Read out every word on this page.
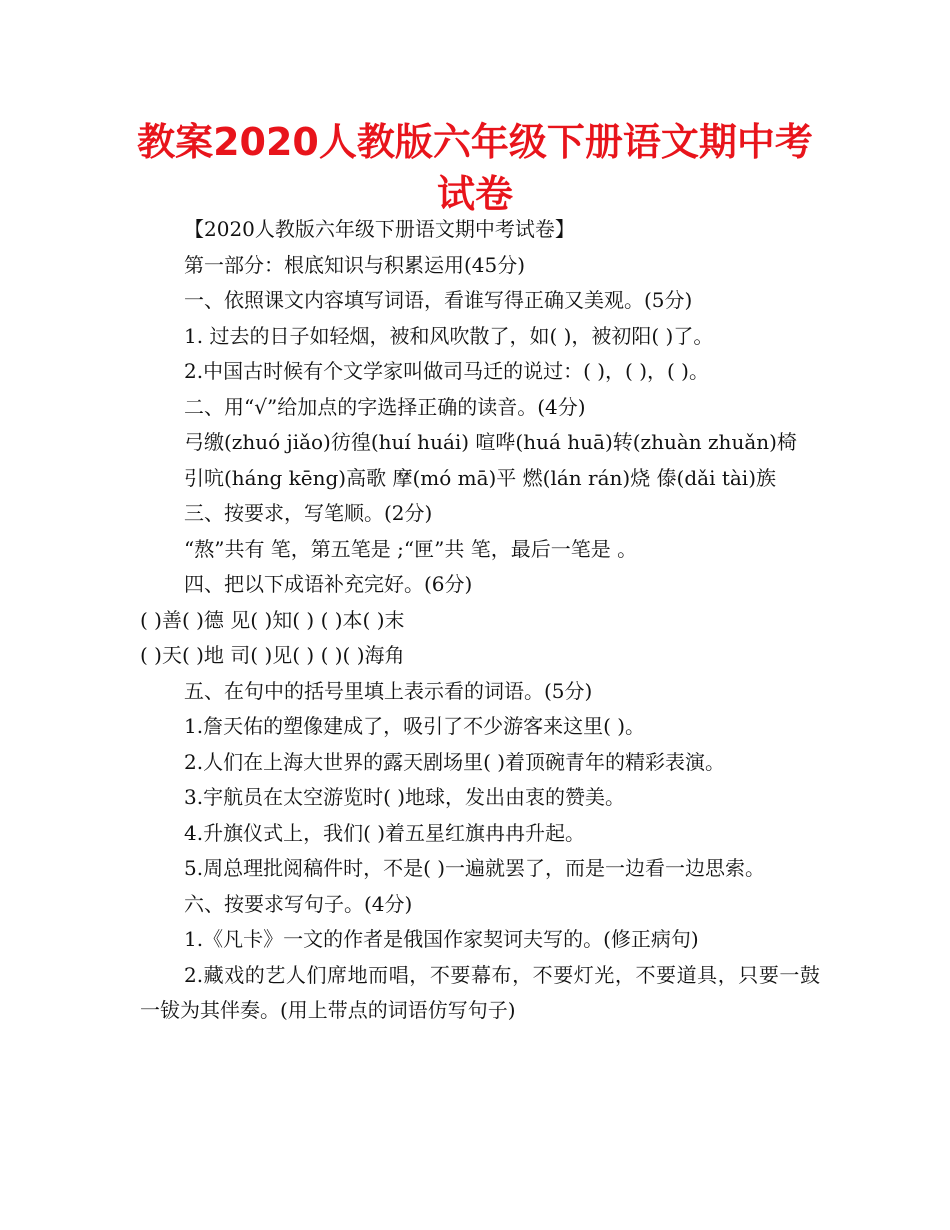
教案2020人教版六年级下册语文期中考试卷
【2020人教版六年级下册语文期中考试卷】
第一部分：根底知识与积累运用(45分)
一、依照课文内容填写词语，看谁写得正确又美观。(5分)
1. 过去的日子如轻烟，被和风吹散了，如( )，被初阳( )了。
2.中国古时候有个文学家叫做司马迁的说过：( )，( )，( )。
二、用“√”给加点的字选择正确的读音。(4分)
弓缴(zhuó jiǎo)彷徨(huí huái) 喧哗(huá huā)转(zhuàn zhuǎn)椅
引吭(háng kēng)高歌 摩(mó mā)平 燃(lán rán)烧 傣(dǎi tài)族
三、按要求，写笔顺。(2分)
“熬”共有 笔，第五笔是 ;“匣”共 笔，最后一笔是 。
四、把以下成语补充完好。(6分)
( )善( )德 见( )知( ) ( )本( )末
( )天( )地 司( )见( ) ( )( )海角
五、在句中的括号里填上表示看的词语。(5分)
1.詹天佑的塑像建成了，吸引了不少游客来这里( )。
2.人们在上海大世界的露天剧场里( )着顶碗青年的精彩表演。
3.宇航员在太空游览时( )地球，发出由衷的赞美。
4.升旗仪式上，我们( )着五星红旗冉冉升起。
5.周总理批阅稿件时，不是( )一遍就罢了，而是一边看一边思索。
六、按要求写句子。(4分)
1.《凡卡》一文的作者是俄国作家契诃夫写的。(修正病句)
2.藏戏的艺人们席地而唱，不要幕布，不要灯光，不要道具，只要一鼓一钹为其伴奏。(用上带点的词语仿写句子)
